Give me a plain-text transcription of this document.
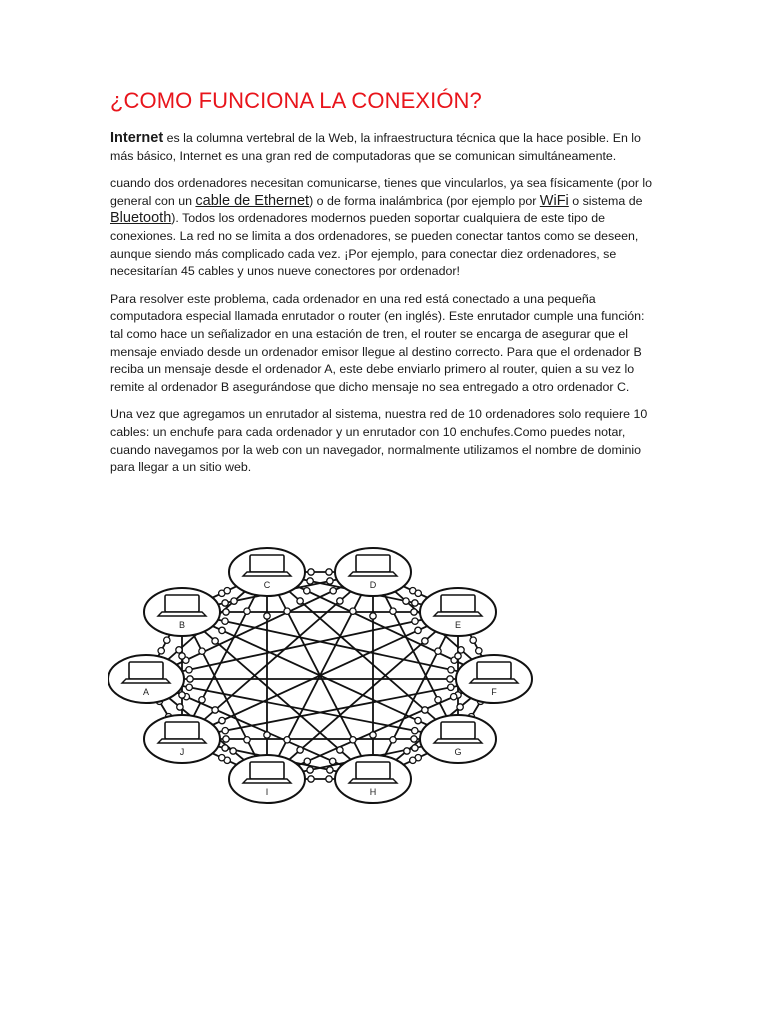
¿COMO FUNCIONA LA CONEXIÓN?

Internet es la columna vertebral de la Web, la infraestructura técnica que la hace posible. En lo más básico, Internet es una gran red de computadoras que se comunican simultáneamente.

cuando dos ordenadores necesitan comunicarse, tienes que vincularlos, ya sea físicamente (por lo general con un cable de Ethernet) o de forma inalámbrica (por ejemplo por WiFi o sistema de Bluetooth). Todos los ordenadores modernos pueden soportar cualquiera de este tipo de conexiones. La red no se limita a dos ordenadores, se pueden conectar tantos como se deseen, aunque siendo más complicado cada vez. ¡Por ejemplo, para conectar diez ordenadores, se necesitarían 45 cables y unos nueve conectores por ordenador!

Para resolver este problema, cada ordenador en una red está conectado a una pequeña computadora especial llamada enrutador o router (en inglés). Este enrutador cumple una función: tal como hace un señalizador en una estación de tren, el router se encarga de asegurar que el mensaje enviado desde un ordenador emisor llegue al destino correcto. Para que el ordenador B reciba un mensaje desde el ordenador A, este debe enviarlo primero al router, quien a su vez lo remite al ordenador B asegurándose que dicho mensaje no sea entregado a otro ordenador C.

Una vez que agregamos un enrutador al sistema, nuestra red de 10 ordenadores solo requiere 10 cables: un enchufe para cada ordenador y un enrutador con 10 enchufes.Como puedes notar, cuando navegamos por la web con un navegador, normalmente utilizamos el nombre de dominio para llegar a un sitio web.

A
B
C	D
E
F
G
H
I
J
